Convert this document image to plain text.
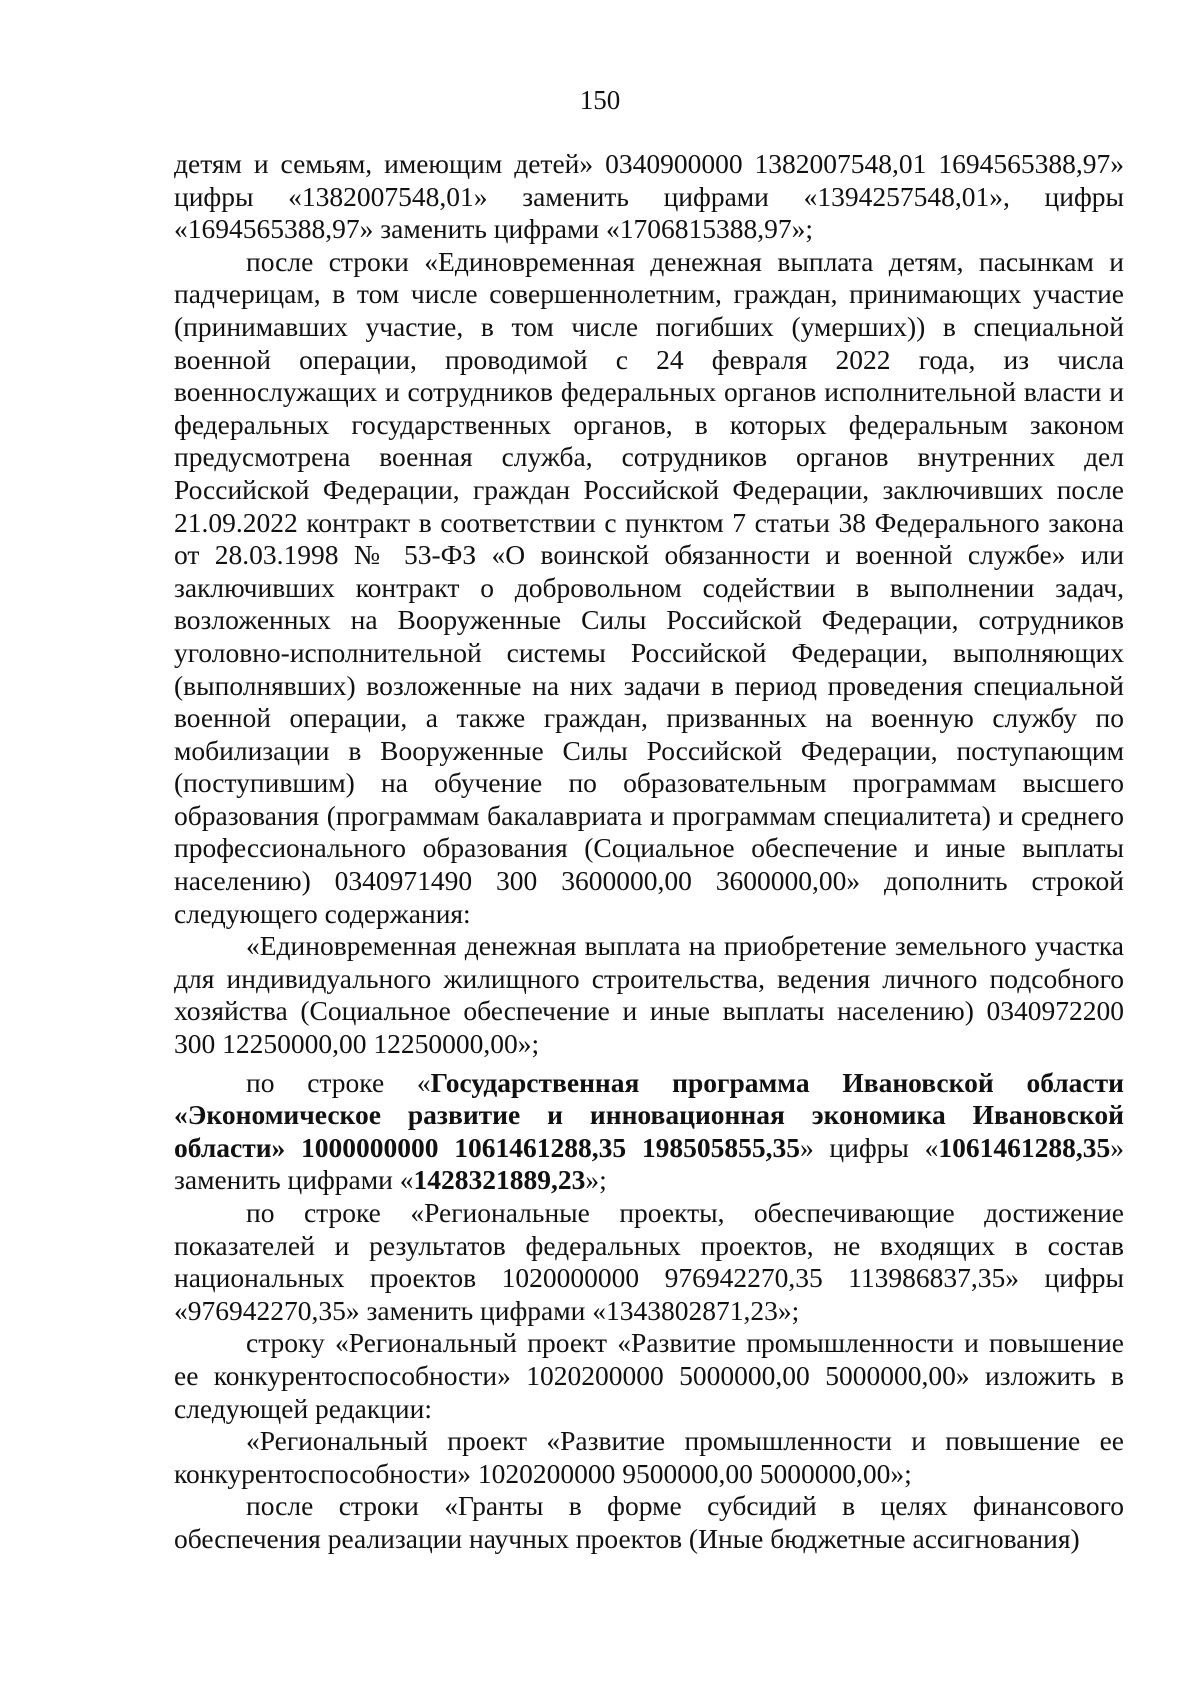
150

детям и семьям, имеющим детей» 0340900000 1382007548,01 1694565388,97» цифры «1382007548,01» заменить цифрами «1394257548,01», цифры «1694565388,97» заменить цифрами «1706815388,97»;

после строки «Единовременная денежная выплата детям, пасынкам и падчерицам, в том числе совершеннолетним, граждан, принимающих участие (принимавших участие, в том числе погибших (умерших)) в специальной военной операции, проводимой с 24 февраля 2022 года, из числа военнослужащих и сотрудников федеральных органов исполнительной власти и федеральных государственных органов, в которых федеральным законом предусмотрена военная служба, сотрудников органов внутренних дел Российской Федерации, граждан Российской Федерации, заключивших после 21.09.2022 контракт в соответствии с пунктом 7 статьи 38 Федерального закона от 28.03.1998 № 53-ФЗ «О воинской обязанности и военной службе» или заключивших контракт о добровольном содействии в выполнении задач, возложенных на Вооруженные Силы Российской Федерации, сотрудников уголовно-исполнительной системы Российской Федерации, выполняющих (выполнявших) возложенные на них задачи в период проведения специальной военной операции, а также граждан, призванных на военную службу по мобилизации в Вооруженные Силы Российской Федерации, поступающим (поступившим) на обучение по образовательным программам высшего образования (программам бакалавриата и программам специалитета) и среднего профессионального образования (Социальное обеспечение и иные выплаты населению) 0340971490 300 3600000,00 3600000,00» дополнить строкой следующего содержания:

«Единовременная денежная выплата на приобретение земельного участка для индивидуального жилищного строительства, ведения личного подсобного хозяйства (Социальное обеспечение и иные выплаты населению) 0340972200 300 12250000,00 12250000,00»;

по строке «Государственная программа Ивановской области «Экономическое развитие и инновационная экономика Ивановской области» 1000000000 1061461288,35 198505855,35» цифры «1061461288,35» заменить цифрами «1428321889,23»;

по строке «Региональные проекты, обеспечивающие достижение показателей и результатов федеральных проектов, не входящих в состав национальных проектов 1020000000 976942270,35 113986837,35» цифры «976942270,35» заменить цифрами «1343802871,23»;

строку «Региональный проект «Развитие промышленности и повышение ее конкурентоспособности» 1020200000 5000000,00 5000000,00» изложить в следующей редакции:

«Региональный проект «Развитие промышленности и повышение ее конкурентоспособности» 1020200000 9500000,00 5000000,00»;

после строки «Гранты в форме субсидий в целях финансового обеспечения реализации научных проектов (Иные бюджетные ассигнования)
